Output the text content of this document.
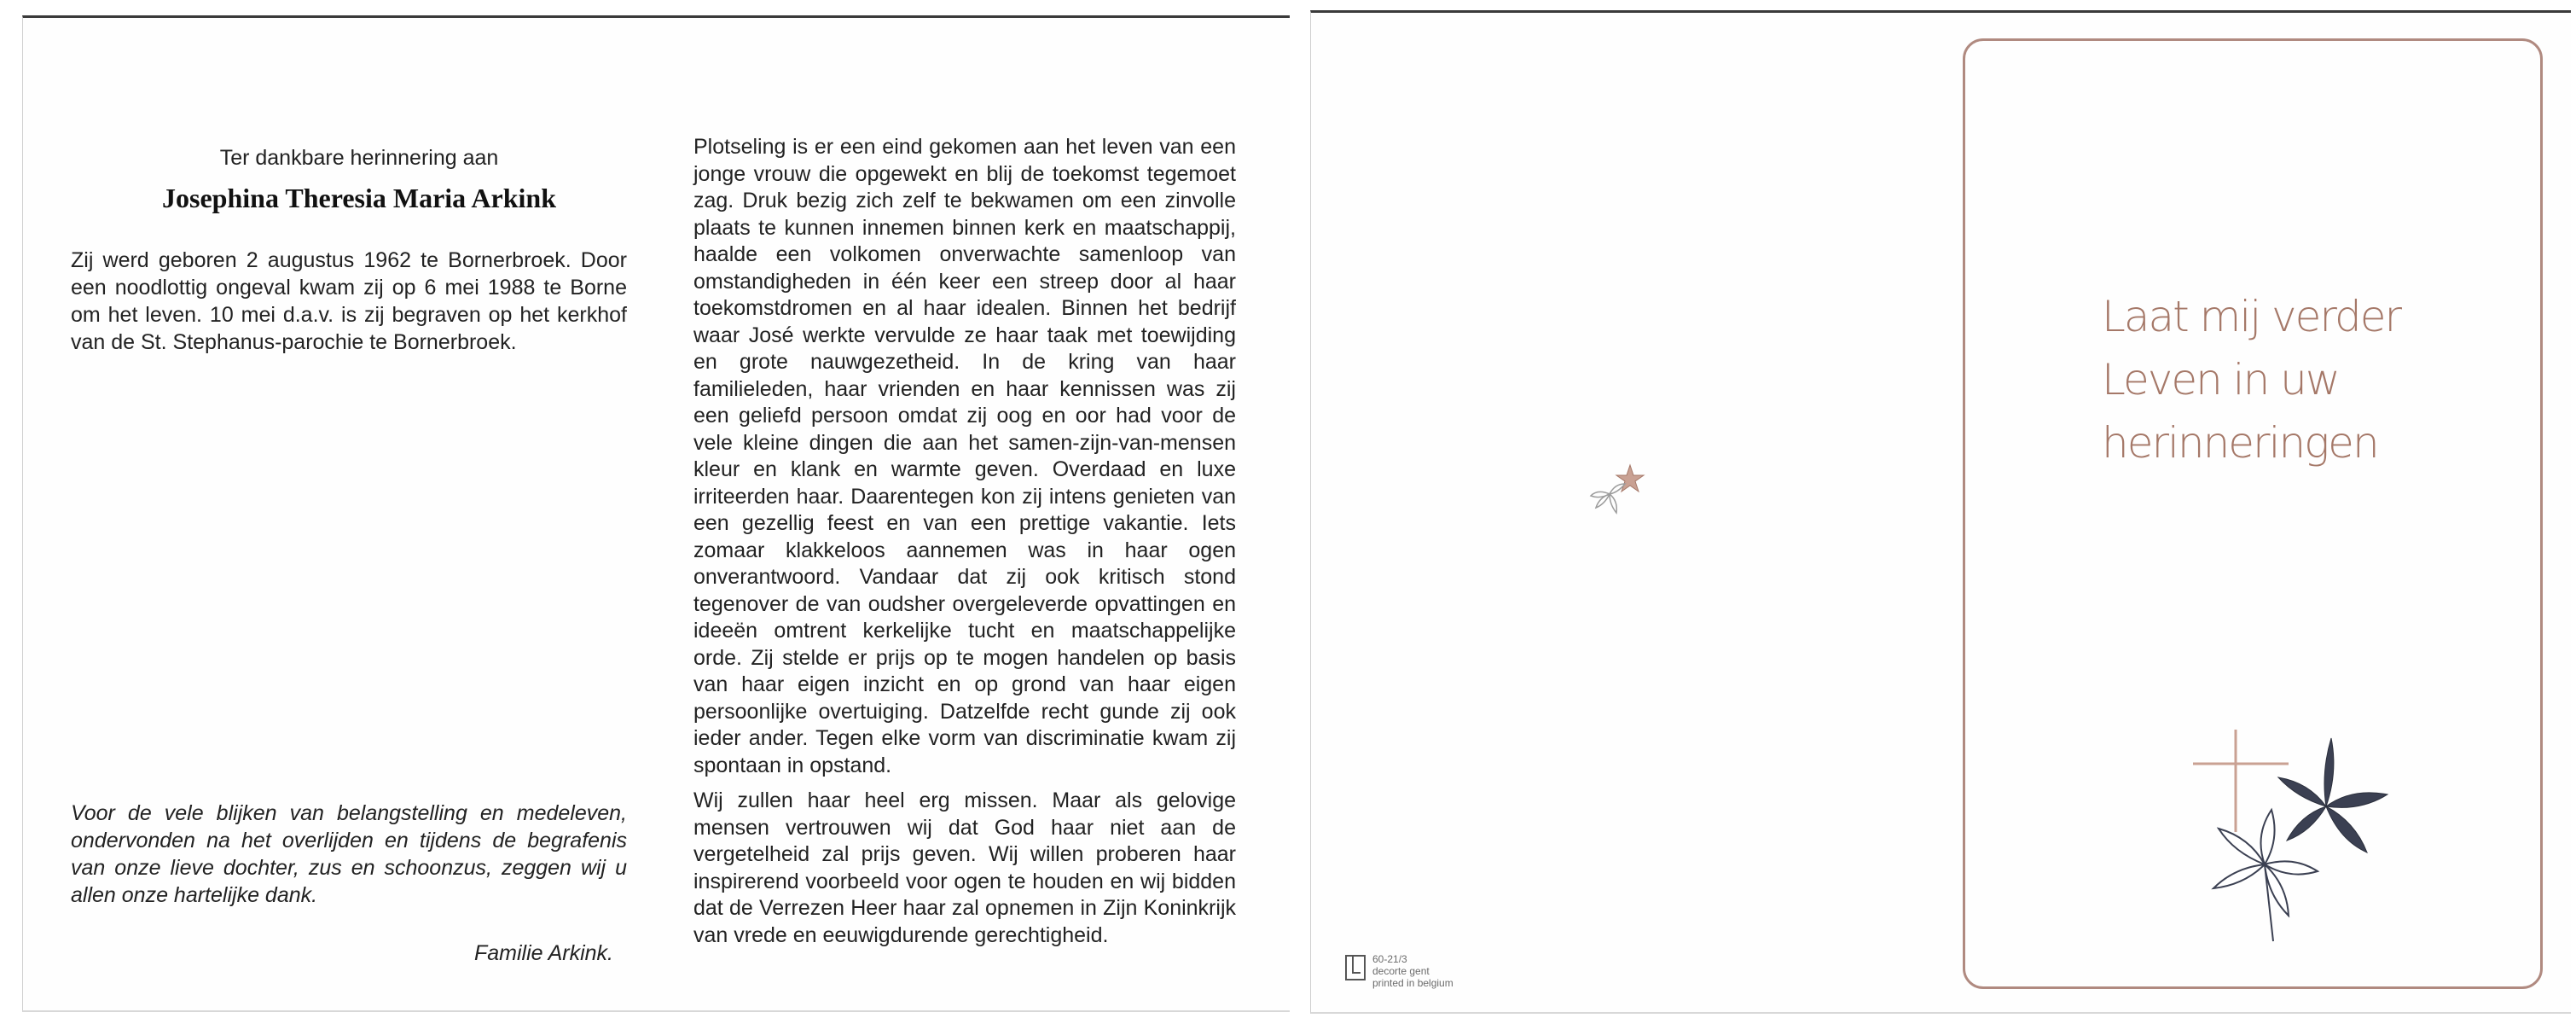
Ter dankbare herinnering aan
Josephina Theresia Maria Arkink
Zij werd geboren 2 augustus 1962 te Bornerbroek. Door een noodlottig ongeval kwam zij op 6 mei 1988 te Borne om het leven. 10 mei d.a.v. is zij begraven op het kerkhof van de St. Stephanus-parochie te Bornerbroek.
Voor de vele blijken van belangstelling en medeleven, ondervonden na het overlijden en tijdens de begrafenis van onze lieve dochter, zus en schoonzus, zeggen wij u allen onze hartelijke dank.
Familie Arkink.

Plotseling is er een eind gekomen aan het leven van een jonge vrouw die opgewekt en blij de toekomst tegemoet zag. Druk bezig zich zelf te bekwamen om een zinvolle plaats te kunnen innemen binnen kerk en maatschappij, haalde een volkomen onverwachte samenloop van omstandigheden in één keer een streep door al haar toekomstdromen en al haar idealen. Binnen het bedrijf waar José werkte vervulde ze haar taak met toewijding en grote nauwgezetheid. In de kring van haar familieleden, haar vrienden en haar kennissen was zij een geliefd persoon omdat zij oog en oor had voor de vele kleine dingen die aan het samen-zijn-van-mensen kleur en klank en warmte geven. Overdaad en luxe irriteerden haar. Daarentegen kon zij intens genieten van een gezellig feest en van een prettige vakantie. Iets zomaar klakkeloos aannemen was in haar ogen onverantwoord. Vandaar dat zij ook kritisch stond tegenover de van oudsher overgeleverde opvattingen en ideeën omtrent kerkelijke tucht en maatschappelijke orde. Zij stelde er prijs op te mogen handelen op basis van haar eigen inzicht en op grond van haar eigen persoonlijke overtuiging. Datzelfde recht gunde zij ook ieder ander. Tegen elke vorm van discriminatie kwam zij spontaan in opstand.

Wij zullen haar heel erg missen. Maar als gelovige mensen vertrouwen wij dat God haar niet aan de vergetelheid zal prijs geven. Wij willen proberen haar inspirerend voorbeeld voor ogen te houden en wij bidden dat de Verrezen Heer haar zal opnemen in Zijn Koninkrijk van vrede en eeuwigdurende gerechtigheid.

Laat mij verder
Leven in uw
herinneringen
60-21/3
decorte gent
printed in belgium
